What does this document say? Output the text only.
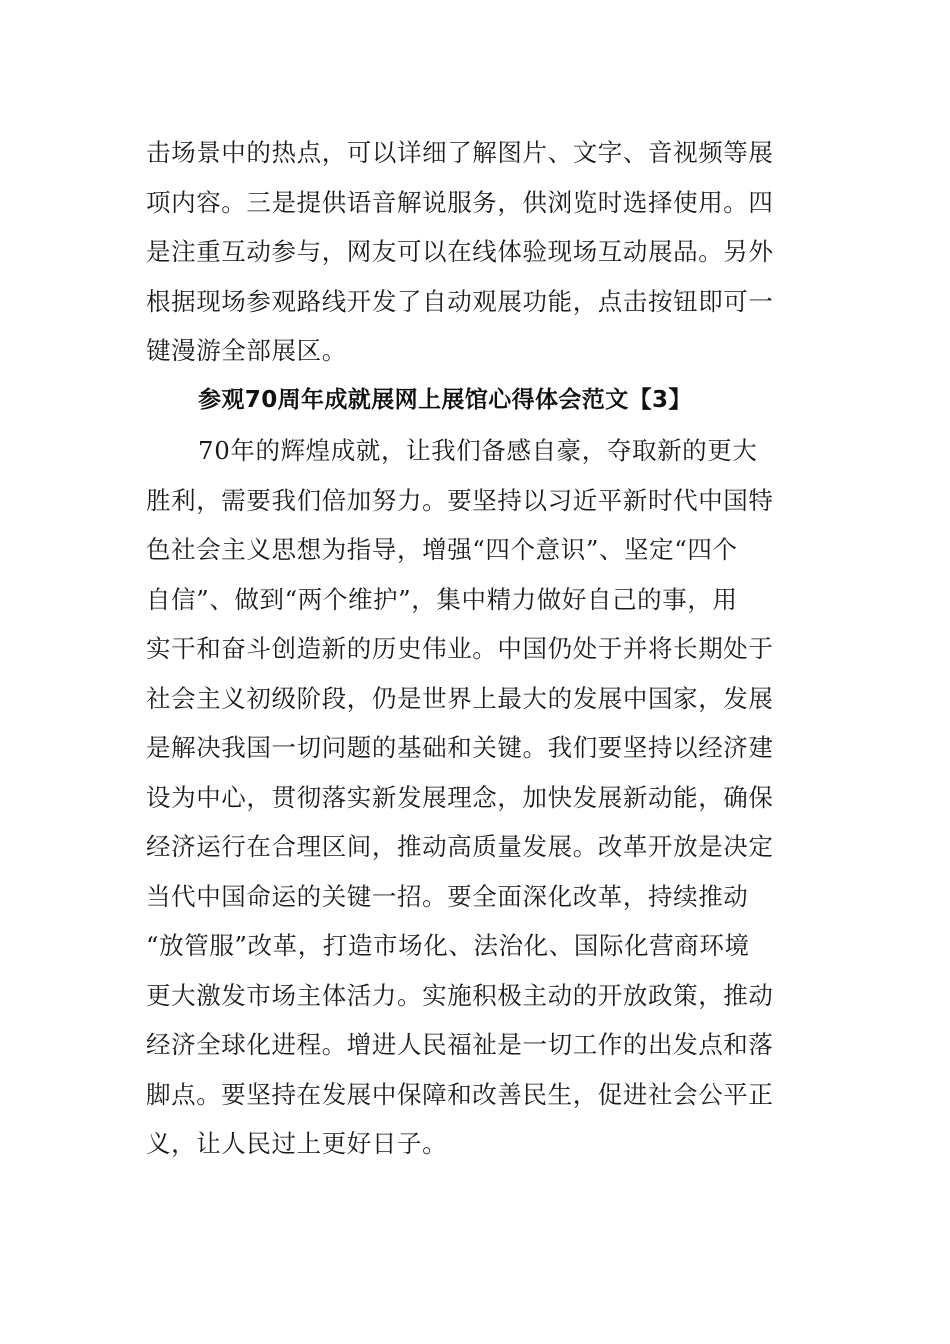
击场景中的热点，可以详细了解图片、文字、音视频等展
项内容。三是提供语音解说服务，供浏览时选择使用。四
是注重互动参与，网友可以在线体验现场互动展品。另外
根据现场参观路线开发了自动观展功能，点击按钮即可一
键漫游全部展区。
参观70周年成就展网上展馆心得体会范文【3】
70年的辉煌成就，让我们备感自豪，夺取新的更大
胜利，需要我们倍加努力。要坚持以习近平新时代中国特
色社会主义思想为指导，增强“四个意识”、坚定“四个
自信”、做到“两个维护”，集中精力做好自己的事，用
实干和奋斗创造新的历史伟业。中国仍处于并将长期处于
社会主义初级阶段，仍是世界上最大的发展中国家，发展
是解决我国一切问题的基础和关键。我们要坚持以经济建
设为中心，贯彻落实新发展理念，加快发展新动能，确保
经济运行在合理区间，推动高质量发展。改革开放是决定
当代中国命运的关键一招。要全面深化改革，持续推动
“放管服”改革，打造市场化、法治化、国际化营商环境
更大激发市场主体活力。实施积极主动的开放政策，推动
经济全球化进程。增进人民福祉是一切工作的出发点和落
脚点。要坚持在发展中保障和改善民生，促进社会公平正
义，让人民过上更好日子。
